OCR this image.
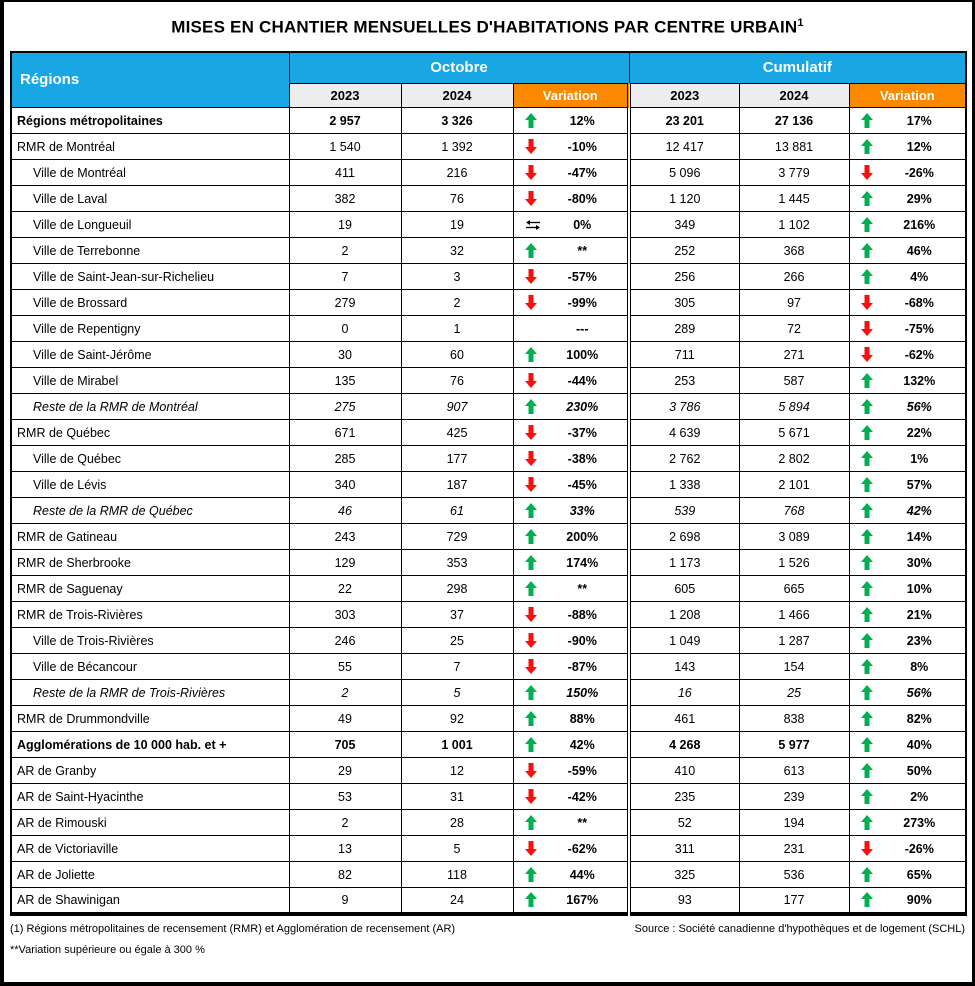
MISES EN CHANTIER MENSUELLES D'HABITATIONS PAR CENTRE URBAIN$^1$
Régions	Octobre			Cumulatif		
	2023	2024	Variation	2023	2024	Variation
Régions métropolitaines	2 957	3 326	12%	23 201	27 136	17%

RMR de Montréal	1 540	1 392	-10%	12 417	13 881	12%

Ville de Montréal	411	216	-47%	5 096	3 779	-26%

Ville de Laval	382	76	-80%	1 120	1 445	29%

Ville de Longueuil	19	19	0%	349	1 102	216%

Ville de Terrebonne	2	32	**	252	368	46%

Ville de Saint-Jean-sur-Richelieu	7	3	-57%	256	266	4%

Ville de Brossard	279	2	-99%	305	97	-68%

Ville de Repentigny	0	1	---	289	72	-75%

Ville de Saint-Jérôme	30	60	100%	711	271	-62%

Ville de Mirabel	135	76	-44%	253	587	132%

Reste de la RMR de Montréal	275	907	230%	3 786	5 894	56%

RMR de Québec	671	425	-37%	4 639	5 671	22%

Ville de Québec	285	177	-38%	2 762	2 802	1%

Ville de Lévis	340	187	-45%	1 338	2 101	57%

Reste de la RMR de Québec	46	61	33%	539	768	42%

RMR de Gatineau	243	729	200%	2 698	3 089	14%

RMR de Sherbrooke	129	353	174%	1 173	1 526	30%

RMR de Saguenay	22	298	**	605	665	10%

RMR de Trois-Rivières	303	37	-88%	1 208	1 466	21%

Ville de Trois-Rivières	246	25	-90%	1 049	1 287	23%

Ville de Bécancour	55	7	-87%	143	154	8%

Reste de la RMR de Trois-Rivières	2	5	150%	16	25	56%

RMR de Drummondville	49	92	88%	461	838	82%

Agglomérations de 10 000 hab. et +	705	1 001	42%	4 268	5 977	40%

AR de Granby	29	12	-59%	410	613	50%

AR de Saint-Hyacinthe	53	31	-42%	235	239	2%

AR de Rimouski	2	28	**	52	194	273%

AR de Victoriaville	13	5	-62%	311	231	-26%

AR de Joliette	82	118	44%	325	536	65%

AR de Shawinigan	9	24	167%	93	177	90%
(1) Régions métropolitaines de recensement (RMR) et Agglomération de recensement (AR)
**Variation supérieure ou égale à 300 %
Source : Société canadienne d'hypothèques et de logement (SCHL)
